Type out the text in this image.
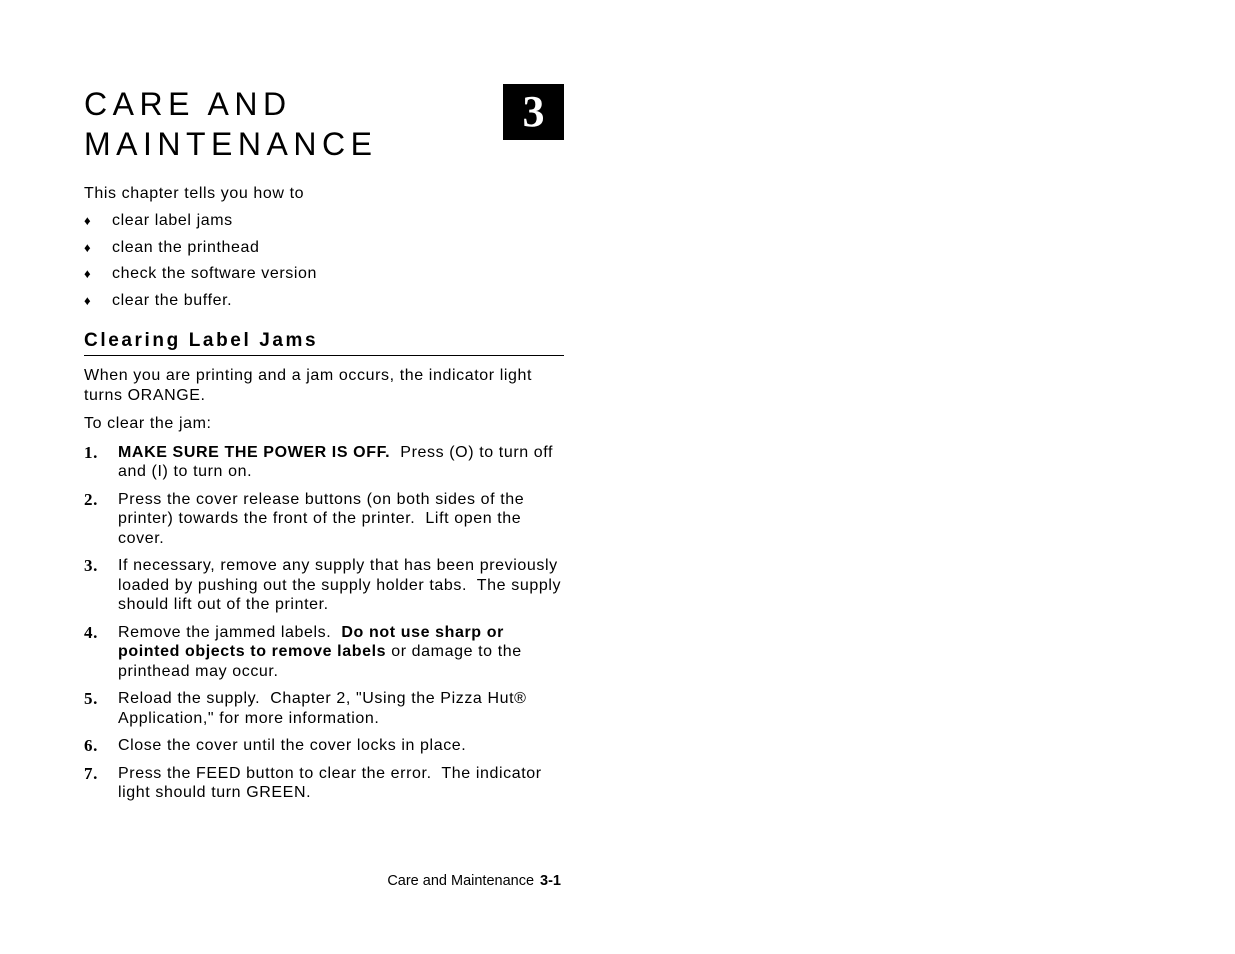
CARE AND
MAINTENANCE
3
This chapter tells you how to
♦ clear label jams
♦ clean the printhead
♦ check the software version
♦ clear the buffer.
Clearing Label Jams

When you are printing and a jam occurs, the indicator light turns ORANGE.

To clear the jam:

1. MAKE SURE THE POWER IS OFF.  Press (O) to turn off and (I) to turn on.
2. Press the cover release buttons (on both sides of the printer) towards the front of the printer.  Lift open the cover.
3. If necessary, remove any supply that has been previously loaded by pushing out the supply holder tabs.  The supply should lift out of the printer.
4. Remove the jammed labels.  Do not use sharp or pointed objects to remove labels or damage to the printhead may occur.
5. Reload the supply.  Chapter 2, "Using the Pizza Hut® Application," for more information.
6. Close the cover until the cover locks in place.
7. Press the FEED button to clear the error.  The indicator light should turn GREEN.
Care and Maintenance 3-1
